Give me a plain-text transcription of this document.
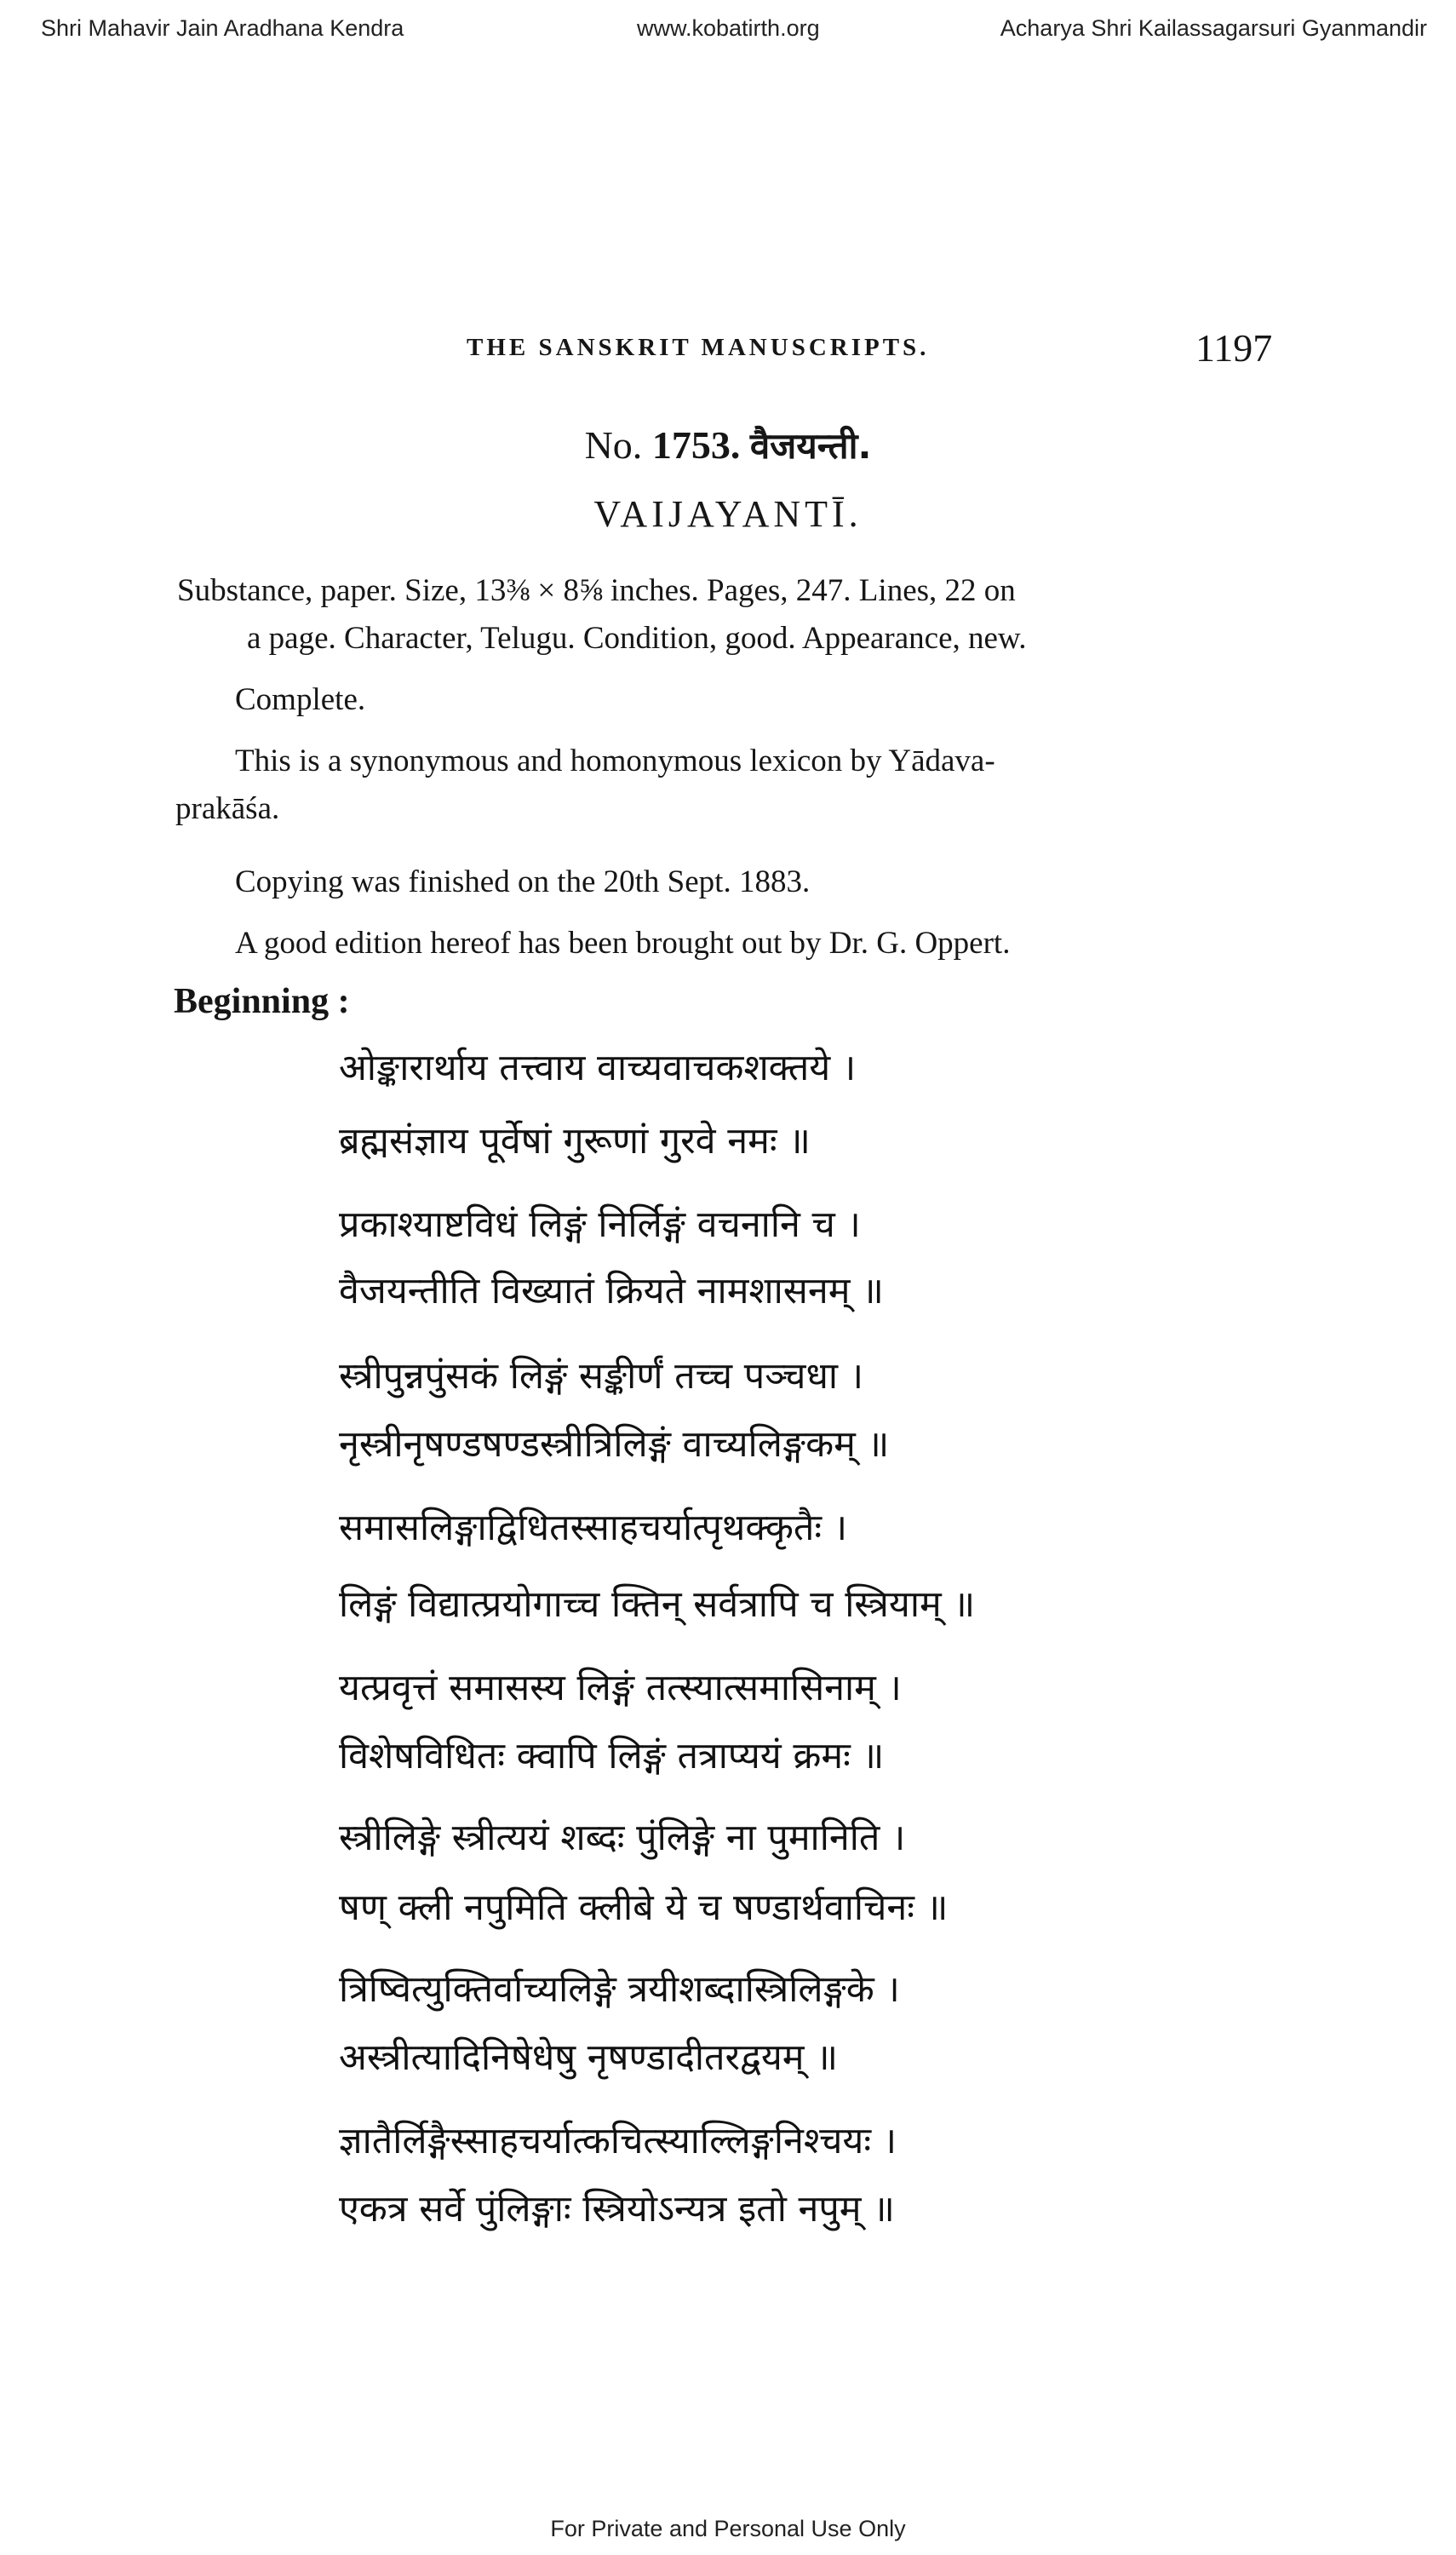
Shri Mahavir Jain Aradhana Kendra	www.kobatirth.org	Acharya Shri Kailassagarsuri Gyanmandir
THE SANSKRIT MANUSCRIPTS.	1197
No. 1753. वैजयन्ती.
VAIJAYANTĪ.
Substance, paper. Size, 13⅜ × 8⅝ inches. Pages, 247. Lines, 22 on
a page. Character, Telugu. Condition, good. Appearance, new.
Complete.
This is a synonymous and homonymous lexicon by Yādava-
prakāśa.
Copying was finished on the 20th Sept. 1883.
A good edition hereof has been brought out by Dr. G. Oppert.
Beginning :
ओङ्कारार्थाय तत्त्वाय वाच्यवाचकशक्तये ।
ब्रह्मसंज्ञाय पूर्वेषां गुरूणां गुरवे नमः ॥
प्रकाश्याष्टविधं लिङ्गं निर्लिङ्गं वचनानि च ।
वैजयन्तीति विख्यातं क्रियते नामशासनम् ॥
स्त्रीपुन्नपुंसकं लिङ्गं सङ्कीर्णं तच्च पञ्चधा ।
नृस्त्रीनृषण्डषण्डस्त्रीत्रिलिङ्गं वाच्यलिङ्गकम् ॥
समासलिङ्गाद्विधितस्साहचर्यात्पृथक्कृतैः ।
लिङ्गं विद्यात्प्रयोगाच्च क्तिन् सर्वत्रापि च स्त्रियाम् ॥
यत्प्रवृत्तं समासस्य लिङ्गं तत्स्यात्समासिनाम् ।
विशेषविधितः क्वापि लिङ्गं तत्राप्ययं क्रमः ॥
स्त्रीलिङ्गे स्त्रीत्ययं शब्दः पुंलिङ्गे ना पुमानिति ।
षण् क्ली नपुमिति क्लीबे ये च षण्डार्थवाचिनः ॥
त्रिष्वित्युक्तिर्वाच्यलिङ्गे त्रयीशब्दास्त्रिलिङ्गके ।
अस्त्रीत्यादिनिषेधेषु नृषण्डादीतरद्वयम् ॥
ज्ञातैर्लिङ्गैस्साहचर्यात्कचित्स्याल्लिङ्गनिश्चयः ।
एकत्र सर्वे पुंलिङ्गाः स्त्रियोऽन्यत्र इतो नपुम् ॥
For Private and Personal Use Only
